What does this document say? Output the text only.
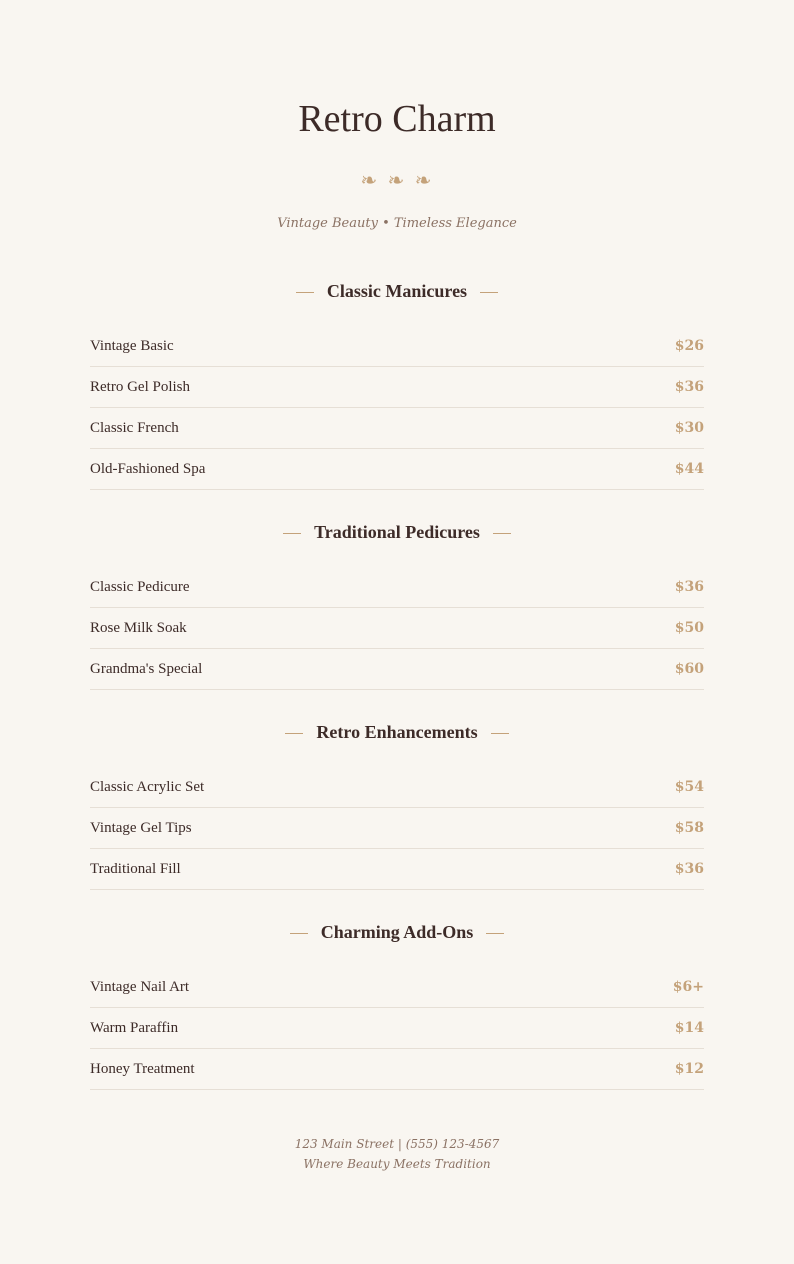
Retro Charm
❧ ❧ ❧
Vintage Beauty • Timeless Elegance
Classic Manicures
Vintage Basic	$26
Retro Gel Polish	$36
Classic French	$30
Old-Fashioned Spa	$44
Traditional Pedicures
Classic Pedicure	$36
Rose Milk Soak	$50
Grandma's Special	$60
Retro Enhancements
Classic Acrylic Set	$54
Vintage Gel Tips	$58
Traditional Fill	$36
Charming Add-Ons
Vintage Nail Art	$6+
Warm Paraffin	$14
Honey Treatment	$12
123 Main Street | (555) 123-4567
Where Beauty Meets Tradition
